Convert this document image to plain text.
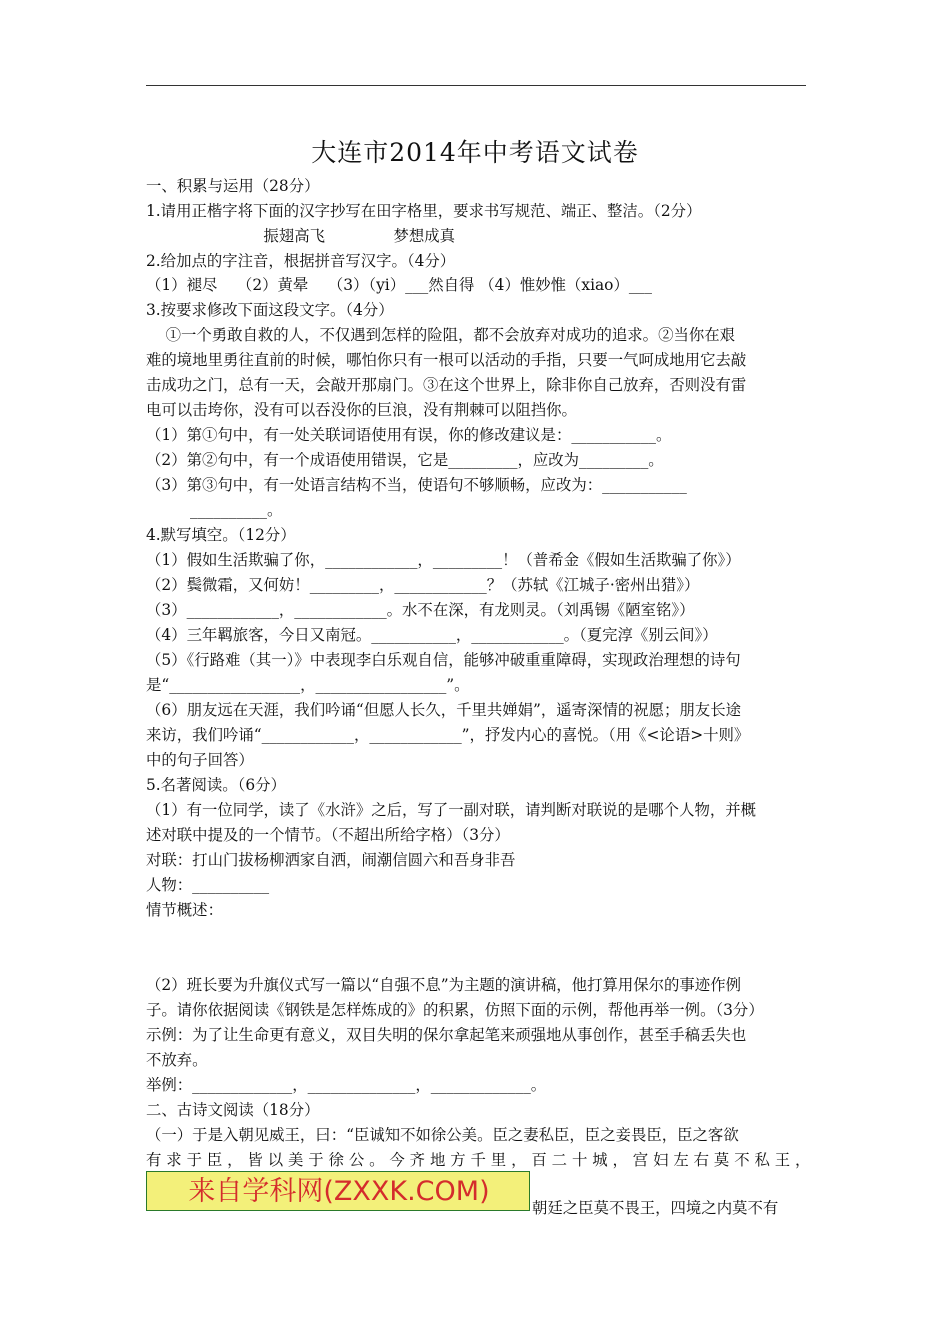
大连市2014年中考语文试卷
一、积累与运用（28分）
1.请用正楷字将下面的汉字抄写在田字格里，要求书写规范、端正、整洁。（2分）
振翅高飞              梦想成真
2.给加点的字注音，根据拼音写汉字。（4分）
（1）褪尽    （2）黄晕    （3）（yi）___然自得 （4）惟妙惟（xiao）___
3.按要求修改下面这段文字。（4分）
①一个勇敢自救的人，不仅遇到怎样的险阻，都不会放弃对成功的追求。②当你在艰
难的境地里勇往直前的时候，哪怕你只有一根可以活动的手指，只要一气呵成地用它去敲
击成功之门，总有一天，会敲开那扇门。③在这个世界上，除非你自己放弃，否则没有雷
电可以击垮你，没有可以吞没你的巨浪，没有荆棘可以阻挡你。
（1）第①句中，有一处关联词语使用有误，你的修改建议是：___________。
（2）第②句中，有一个成语使用错误，它是_________，应改为_________。
（3）第③句中，有一处语言结构不当，使语句不够顺畅，应改为：___________
__________。
4.默写填空。（12分）
（1）假如生活欺骗了你，____________，_________！（普希金《假如生活欺骗了你》）
（2）鬓微霜，又何妨！_________，____________？（苏轼《江城子·密州出猎》）
（3）____________，____________。水不在深，有龙则灵。（刘禹锡《陋室铭》）
（4）三年羁旅客，今日又南冠。___________，____________。（夏完淳《别云间》）
（5）《行路难（其一）》中表现李白乐观自信，能够冲破重重障碍，实现政治理想的诗句
是“_________________，_________________”。
（6）朋友远在天涯，我们吟诵“但愿人长久，千里共婵娟”，遥寄深情的祝愿；朋友长途
来访，我们吟诵“____________，____________”，抒发内心的喜悦。（用《<论语>十则》
中的句子回答）
5.名著阅读。（6分）
（1）有一位同学，读了《水浒》之后，写了一副对联，请判断对联说的是哪个人物，并概
述对联中提及的一个情节。（不超出所给字格）（3分）
对联：打山门拔杨柳洒家自洒，闹潮信圆六和吾身非吾
人物：__________
情节概述：
（2）班长要为升旗仪式写一篇以“自强不息”为主题的演讲稿，他打算用保尔的事迹作例
子。请你依据阅读《钢铁是怎样炼成的》的积累，仿照下面的示例，帮他再举一例。（3分）
示例：为了让生命更有意义，双目失明的保尔拿起笔来顽强地从事创作，甚至手稿丢失也
不放弃。
举例：_____________，______________，_____________。
二、古诗文阅读（18分）
（一）于是入朝见威王，曰：“臣诚知不如徐公美。臣之妻私臣，臣之妾畏臣，臣之客欲
有 求 于 臣 ， 皆 以 美 于 徐 公 。 今 齐 地 方 千 里 ， 百 二 十 城 ， 宫 妇 左 右 莫 不 私 王 ，
来自学科网(ZXXK.COM)
朝廷之臣莫不畏王，四境之内莫不有
